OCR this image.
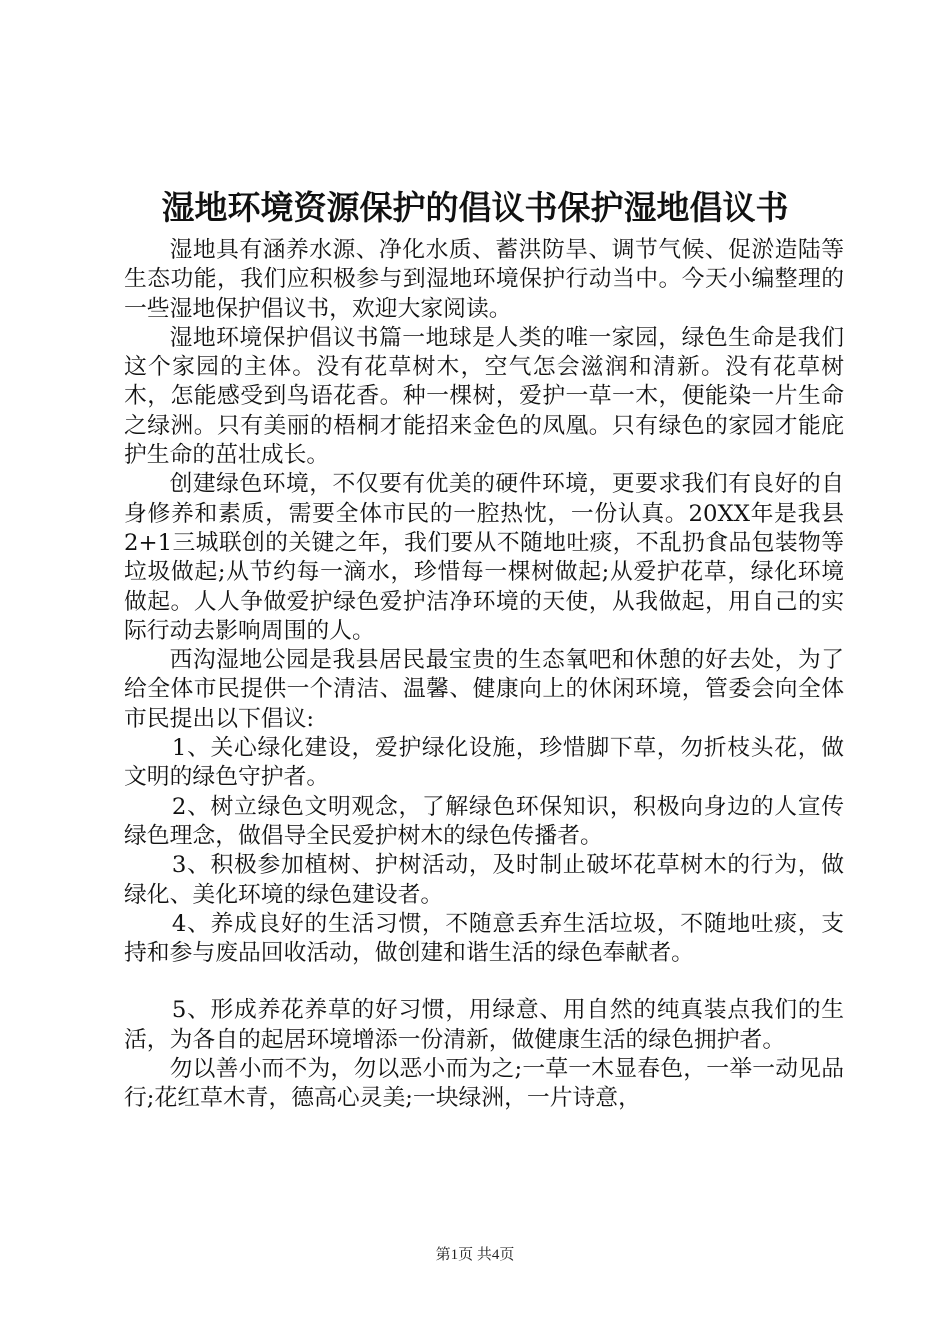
湿地环境资源保护的倡议书保护湿地倡议书

湿地具有涵养水源、净化水质、蓄洪防旱、调节气候、促淤造陆等生态功能，我们应积极参与到湿地环境保护行动当中。今天小编整理的一些湿地保护倡议书，欢迎大家阅读。

湿地环境保护倡议书篇一地球是人类的唯一家园，绿色生命是我们这个家园的主体。没有花草树木，空气怎会滋润和清新。没有花草树木，怎能感受到鸟语花香。种一棵树，爱护一草一木，便能染一片生命之绿洲。只有美丽的梧桐才能招来金色的凤凰。只有绿色的家园才能庇护生命的茁壮成长。

创建绿色环境，不仅要有优美的硬件环境，更要求我们有良好的自身修养和素质，需要全体市民的一腔热忱，一份认真。20XX年是我县2+1三城联创的关键之年，我们要从不随地吐痰，不乱扔食品包装物等垃圾做起;从节约每一滴水，珍惜每一棵树做起;从爱护花草，绿化环境做起。人人争做爱护绿色爱护洁净环境的天使，从我做起，用自己的实际行动去影响周围的人。

西沟湿地公园是我县居民最宝贵的生态氧吧和休憩的好去处，为了给全体市民提供一个清洁、温馨、健康向上的休闲环境，管委会向全体市民提出以下倡议:

1、关心绿化建设，爱护绿化设施，珍惜脚下草，勿折枝头花，做文明的绿色守护者。

2、树立绿色文明观念，了解绿色环保知识，积极向身边的人宣传绿色理念，做倡导全民爱护树木的绿色传播者。

3、积极参加植树、护树活动，及时制止破坏花草树木的行为，做绿化、美化环境的绿色建设者。

4、养成良好的生活习惯，不随意丢弃生活垃圾，不随地吐痰，支持和参与废品回收活动，做创建和谐生活的绿色奉献者。

5、形成养花养草的好习惯，用绿意、用自然的纯真装点我们的生活，为各自的起居环境增添一份清新，做健康生活的绿色拥护者。

勿以善小而不为，勿以恶小而为之;一草一木显春色，一举一动见品行;花红草木青，德高心灵美;一块绿洲，一片诗意，

第1页 共4页
